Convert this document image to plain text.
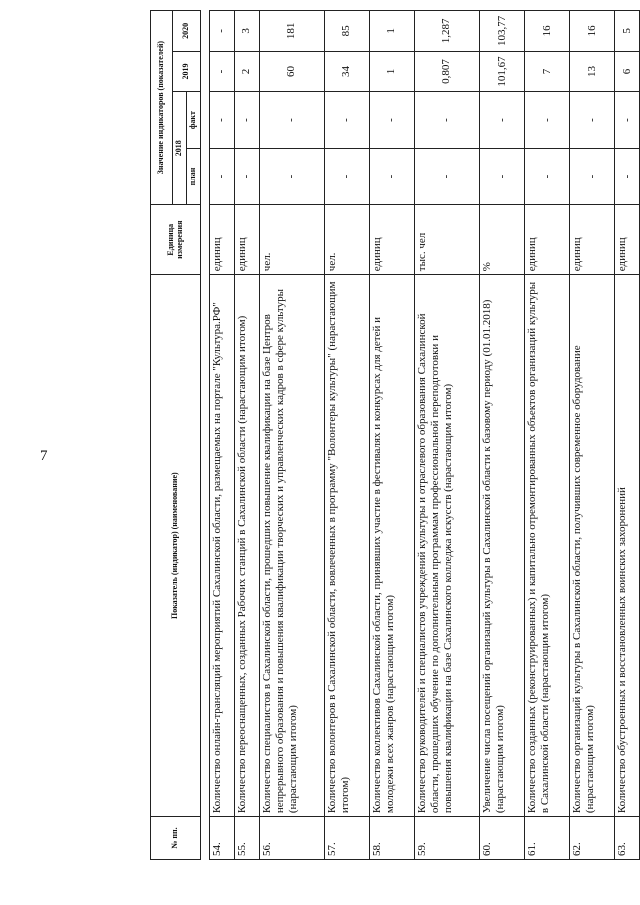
7
№ пп.	Показатель (индикатор) (наименование)	Единица измерения	Значение индикаторов (показателей)			
			2018		2019	2020
			план	факт		

54.	Количество онлайн-трансляций мероприятий Сахалинской области, размещаемых на портале "Культура.РФ"	единиц	-	-	-	-
55.	Количество переоснащенных, созданных Рабочих станций в Сахалинской области (нарастающим итогом)	единиц	-	-	2	3
56.	Количество специалистов в Сахалинской области, прошедших повышение квалификации на базе Центров непрерывного образования и повышения квалификации творческих и управленческих кадров в сфере культуры (нарастающим итогом)	чел.	-	-	60	181
57.	Количество волонтеров в Сахалинской области, вовлеченных в программу "Волонтеры культуры" (нарастающим итогом)	чел.	-	-	34	85
58.	Количество коллективов Сахалинской области, принявших участие в фестивалях и конкурсах для детей и молодежи всех жанров (нарастающим итогом)	единиц	-	-	1	1
59.	Количество руководителей и специалистов учреждений культуры и отраслевого образования Сахалинской области, прошедших обучение по дополнительным программам профессиональной переподготовки и повышения квалификации на базе Сахалинского колледжа искусств (нарастающим итогом)	тыс. чел	-	-	0,807	1,287
60.	Увеличение числа посещений организаций культуры в Сахалинской области к базовому периоду (01.01.2018) (нарастающим итогом)	%	-	-	101,67	103,77
61.	Количество созданных (реконструированных) и капитально отремонтированных объектов организаций культуры в Сахалинской области (нарастающим итогом)	единиц	-	-	7	16
62.	Количество организаций культуры в Сахалинской области, получивших современное оборудование (нарастающим итогом)	единиц	-	-	13	16
63.	Количество обустроенных и восстановленных воинских захоронений	единиц	-	-	6	5
